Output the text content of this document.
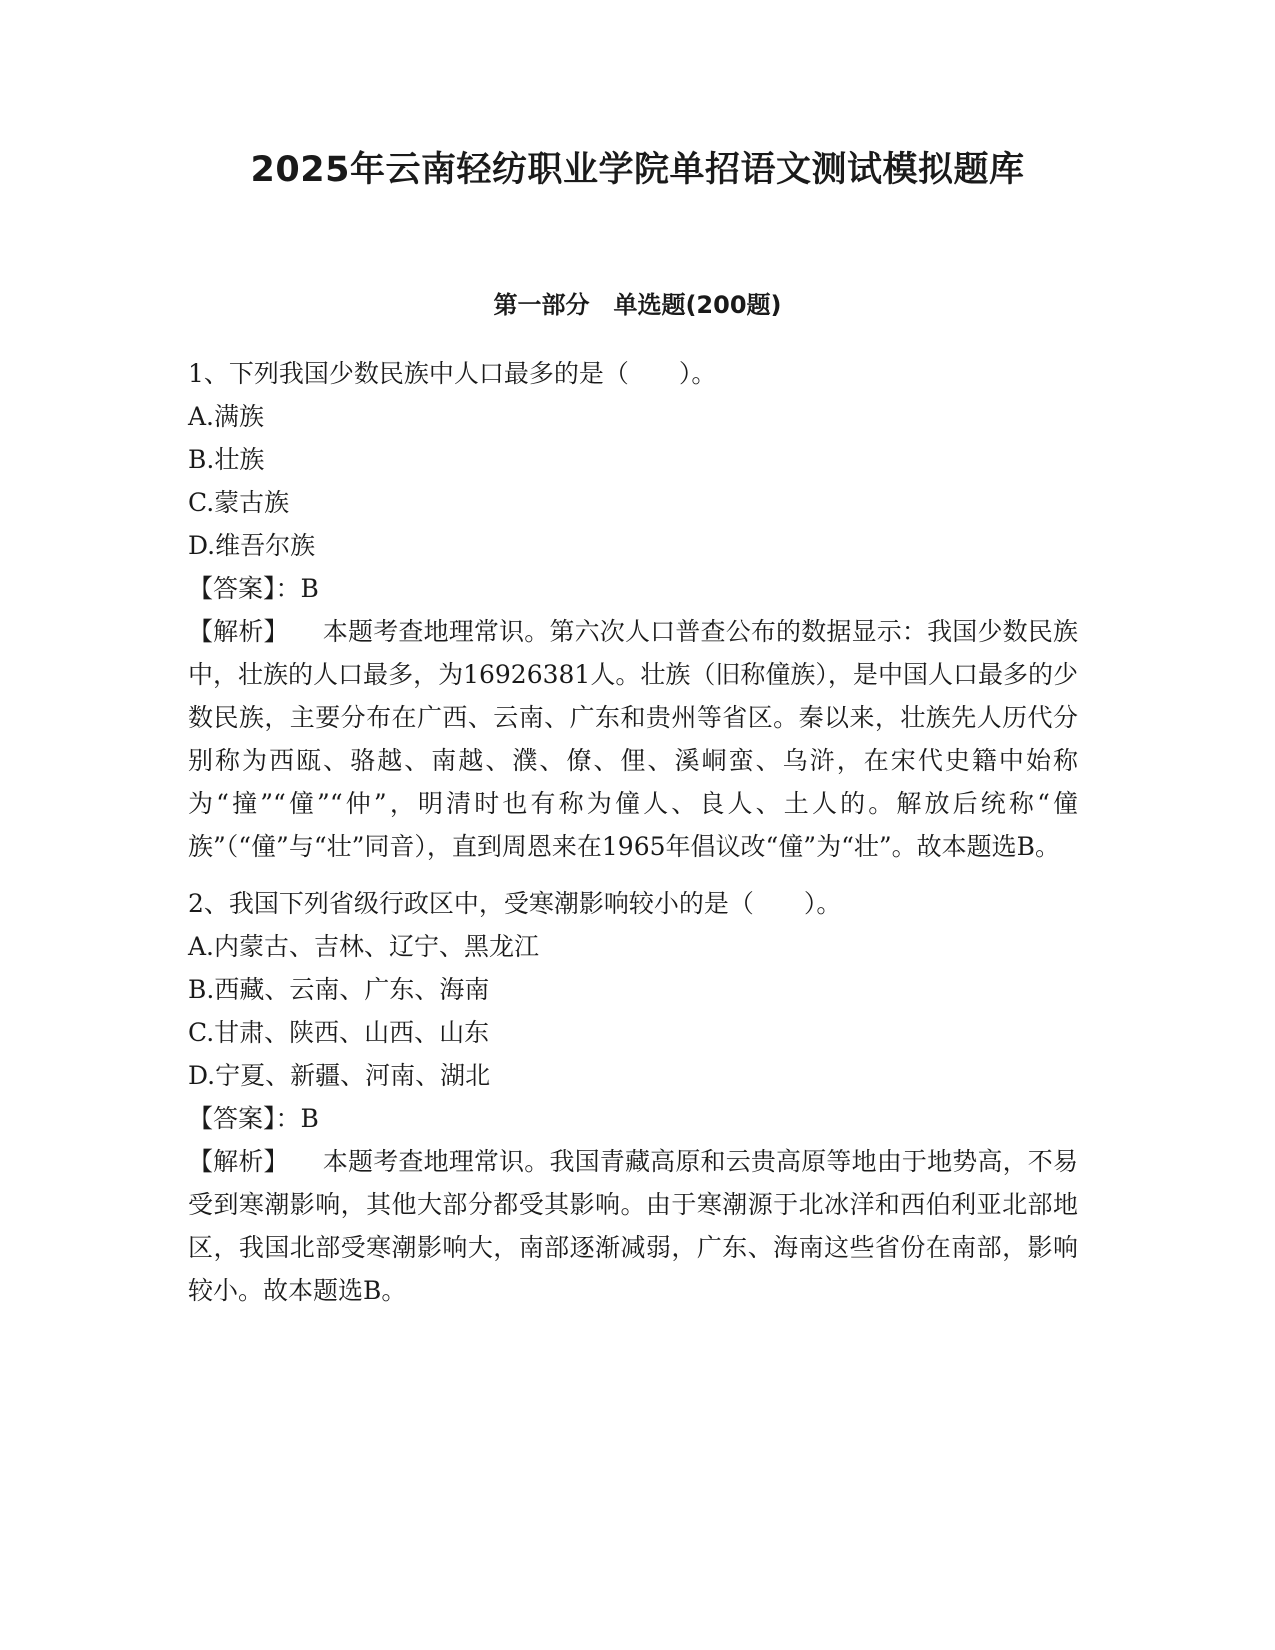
2025年云南轻纺职业学院单招语文测试模拟题库
第一部分　单选题(200题)
1、下列我国少数民族中人口最多的是（　　）。
A.满族
B.壮族
C.蒙古族
D.维吾尔族
【答案】：B
【解析】 本题考查地理常识。第六次人口普查公布的数据显示：我国少数民族中，壮族的人口最多，为16926381人。壮族（旧称僮族），是中国人口最多的少数民族，主要分布在广西、云南、广东和贵州等省区。秦以来，壮族先人历代分别称为西瓯、骆越、南越、濮、僚、俚、溪峒蛮、乌浒，在宋代史籍中始称为“撞”“僮”“仲”，明清时也有称为僮人、良人、土人的。解放后统称“僮族”（“僮”与“壮”同音），直到周恩来在1965年倡议改“僮”为“壮”。故本题选B。
2、我国下列省级行政区中，受寒潮影响较小的是（　　）。
A.内蒙古、吉林、辽宁、黑龙江
B.西藏、云南、广东、海南
C.甘肃、陕西、山西、山东
D.宁夏、新疆、河南、湖北
【答案】：B
【解析】 本题考查地理常识。我国青藏高原和云贵高原等地由于地势高，不易受到寒潮影响，其他大部分都受其影响。由于寒潮源于北冰洋和西伯利亚北部地区，我国北部受寒潮影响大，南部逐渐减弱，广东、海南这些省份在南部，影响较小。故本题选B。
